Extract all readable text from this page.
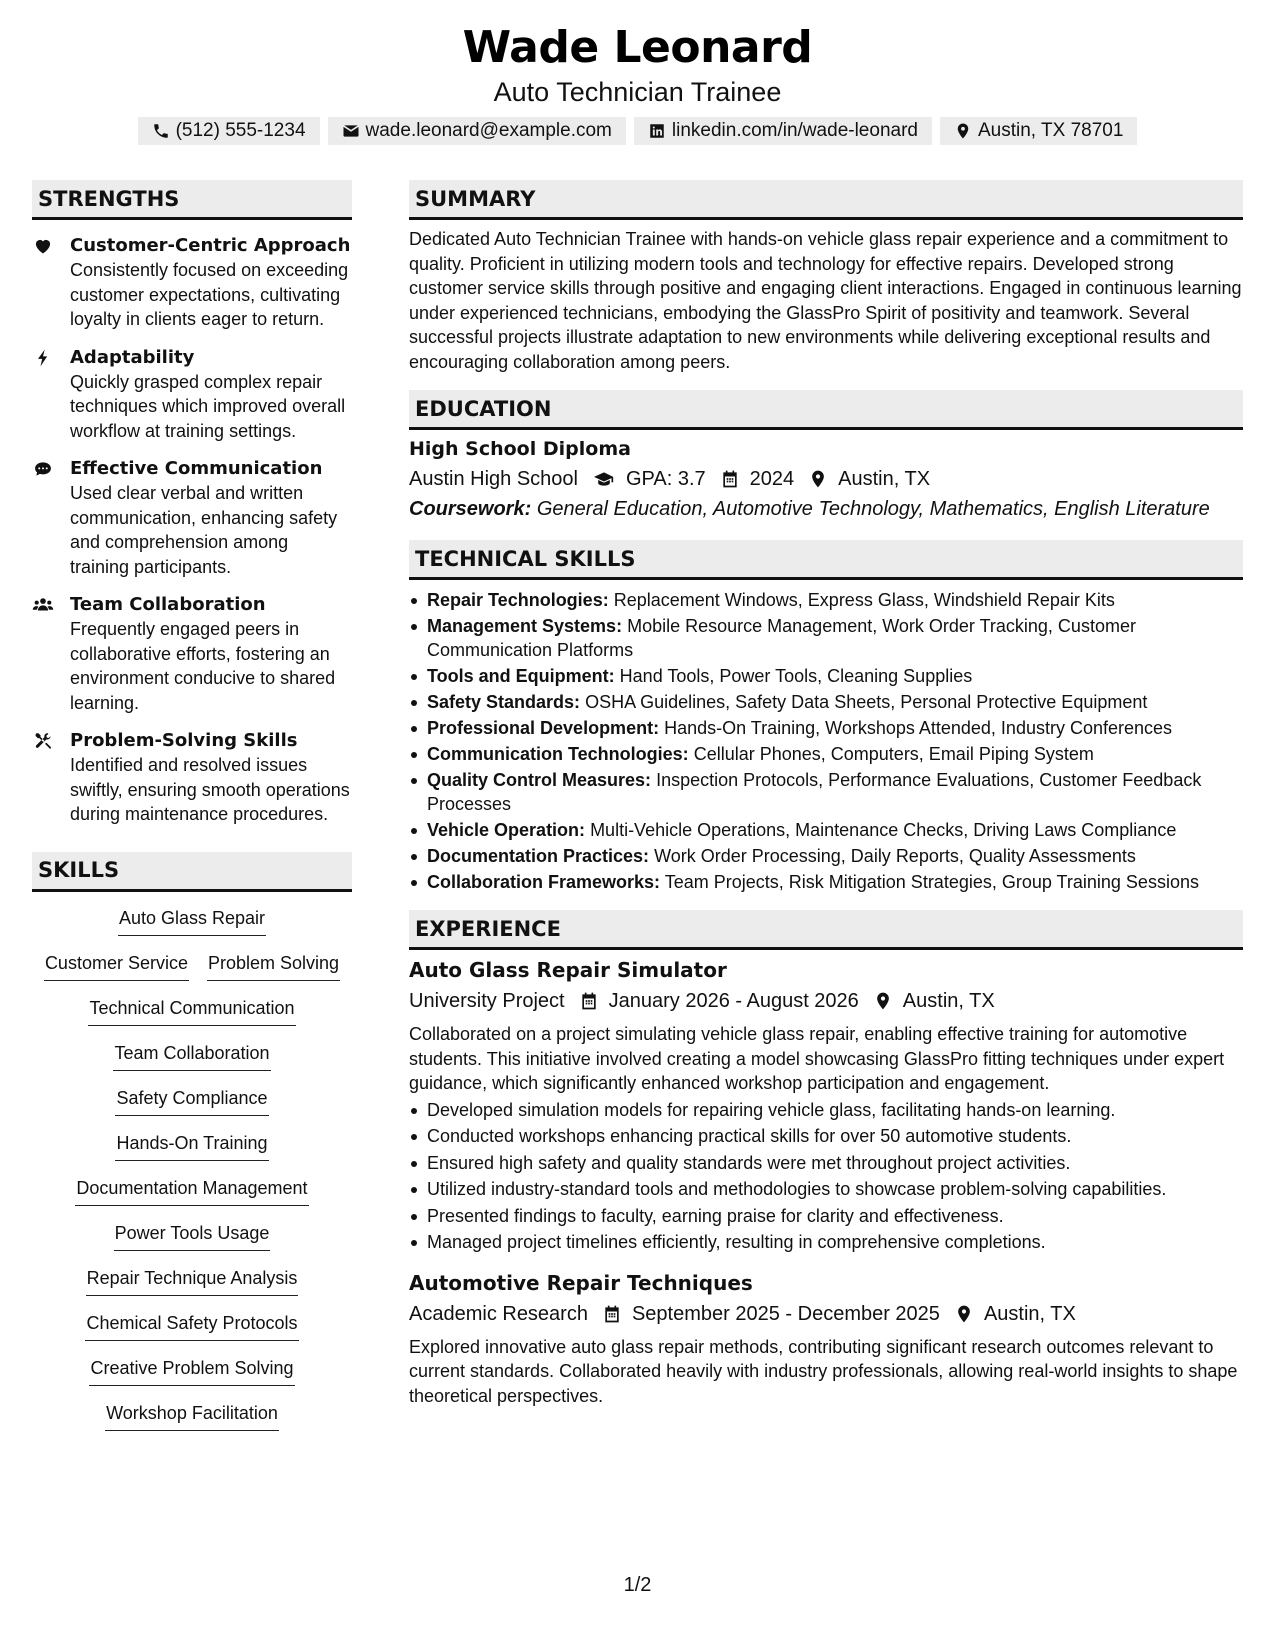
Wade Leonard
Auto Technician Trainee
(512) 555-1234	wade.leonard@example.com	linkedin.com/in/wade-leonard	Austin, TX 78701
STRENGTHS
Customer-Centric Approach
Consistently focused on exceeding customer expectations, cultivating loyalty in clients eager to return.
Adaptability
Quickly grasped complex repair techniques which improved overall workflow at training settings.
Effective Communication
Used clear verbal and written communication, enhancing safety and comprehension among training participants.
Team Collaboration
Frequently engaged peers in collaborative efforts, fostering an environment conducive to shared learning.
Problem-Solving Skills
Identified and resolved issues swiftly, ensuring smooth operations during maintenance procedures.
SKILLS
Auto Glass Repair
Customer Service Problem Solving
Technical Communication
Team Collaboration
Safety Compliance
Hands-On Training
Documentation Management
Power Tools Usage
Repair Technique Analysis
Chemical Safety Protocols
Creative Problem Solving
Workshop Facilitation
SUMMARY
Dedicated Auto Technician Trainee with hands-on vehicle glass repair experience and a commitment to quality. Proficient in utilizing modern tools and technology for effective repairs. Developed strong customer service skills through positive and engaging client interactions. Engaged in continuous learning under experienced technicians, embodying the GlassPro Spirit of positivity and teamwork. Several successful projects illustrate adaptation to new environments while delivering exceptional results and encouraging collaboration among peers.
EDUCATION
High School Diploma
Austin High School GPA: 3.7 2024 Austin, TX
Coursework: General Education, Automotive Technology, Mathematics, English Literature
TECHNICAL SKILLS
Repair Technologies: Replacement Windows, Express Glass, Windshield Repair Kits
Management Systems: Mobile Resource Management, Work Order Tracking, Customer Communication Platforms
Tools and Equipment: Hand Tools, Power Tools, Cleaning Supplies
Safety Standards: OSHA Guidelines, Safety Data Sheets, Personal Protective Equipment
Professional Development: Hands-On Training, Workshops Attended, Industry Conferences
Communication Technologies: Cellular Phones, Computers, Email Piping System
Quality Control Measures: Inspection Protocols, Performance Evaluations, Customer Feedback Processes
Vehicle Operation: Multi-Vehicle Operations, Maintenance Checks, Driving Laws Compliance
Documentation Practices: Work Order Processing, Daily Reports, Quality Assessments
Collaboration Frameworks: Team Projects, Risk Mitigation Strategies, Group Training Sessions
EXPERIENCE
Auto Glass Repair Simulator
University Project January 2026 - August 2026 Austin, TX
Collaborated on a project simulating vehicle glass repair, enabling effective training for automotive students. This initiative involved creating a model showcasing GlassPro fitting techniques under expert guidance, which significantly enhanced workshop participation and engagement.
Developed simulation models for repairing vehicle glass, facilitating hands-on learning.
Conducted workshops enhancing practical skills for over 50 automotive students.
Ensured high safety and quality standards were met throughout project activities.
Utilized industry-standard tools and methodologies to showcase problem-solving capabilities.
Presented findings to faculty, earning praise for clarity and effectiveness.
Managed project timelines efficiently, resulting in comprehensive completions.
Automotive Repair Techniques
Academic Research September 2025 - December 2025 Austin, TX
Explored innovative auto glass repair methods, contributing significant research outcomes relevant to current standards. Collaborated heavily with industry professionals, allowing real-world insights to shape theoretical perspectives.
1/2
